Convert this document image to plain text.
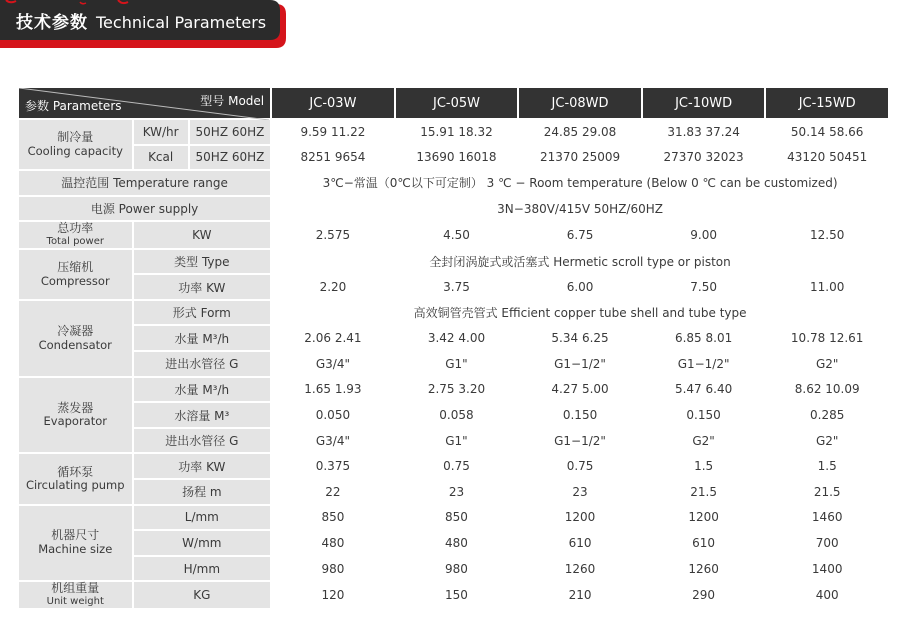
技术参数 Technical Parameters
型号 Model
参数 Parameters			JC-03W	JC-05W	JC-08WD	JC-10WD	JC-15WD

制冷量
Cooling capacity	KW/hr	50HZ 60HZ	9.59 11.22	15.91 18.32	24.85 29.08	31.83 37.24	50.14 58.66
	Kcal	50HZ 60HZ	8251 9654	13690 16018	21370 25009	27370 32023	43120 50451
温控范围 Temperature range			3℃−常温（0℃以下可定制） 3 ℃ − Room temperature (Below 0 ℃ can be customized)				
电源 Power supply			3N−380V/415V 50HZ/60HZ				

总功率
Total power	KW		2.575	4.50	6.75	9.00	12.50

压缩机
Compressor	类型 Type		全封闭涡旋式或活塞式 Hermetic scroll type or piston				
	功率 KW		2.20	3.75	6.00	7.50	11.00

冷凝器
Condensator	形式 Form		高效铜管壳管式 Efficient copper tube shell and tube type				
	水量 M³/h		2.06 2.41	3.42 4.00	5.34 6.25	6.85 8.01	10.78 12.61
	进出水管径 G		G3/4"	G1"	G1−1/2"	G1−1/2"	G2"

蒸发器
Evaporator	水量 M³/h		1.65 1.93	2.75 3.20	4.27 5.00	5.47 6.40	8.62 10.09
	水溶量 M³		0.050	0.058	0.150	0.150	0.285
	进出水管径 G		G3/4"	G1"	G1−1/2"	G2"	G2"

循环泵
Circulating pump	功率 KW		0.375	0.75	0.75	1.5	1.5
	扬程 m		22	23	23	21.5	21.5

机器尺寸
Machine size	L/mm		850	850	1200	1200	1460
	W/mm		480	480	610	610	700
	H/mm		980	980	1260	1260	1400

机组重量
Unit weight	KG		120	150	210	290	400
